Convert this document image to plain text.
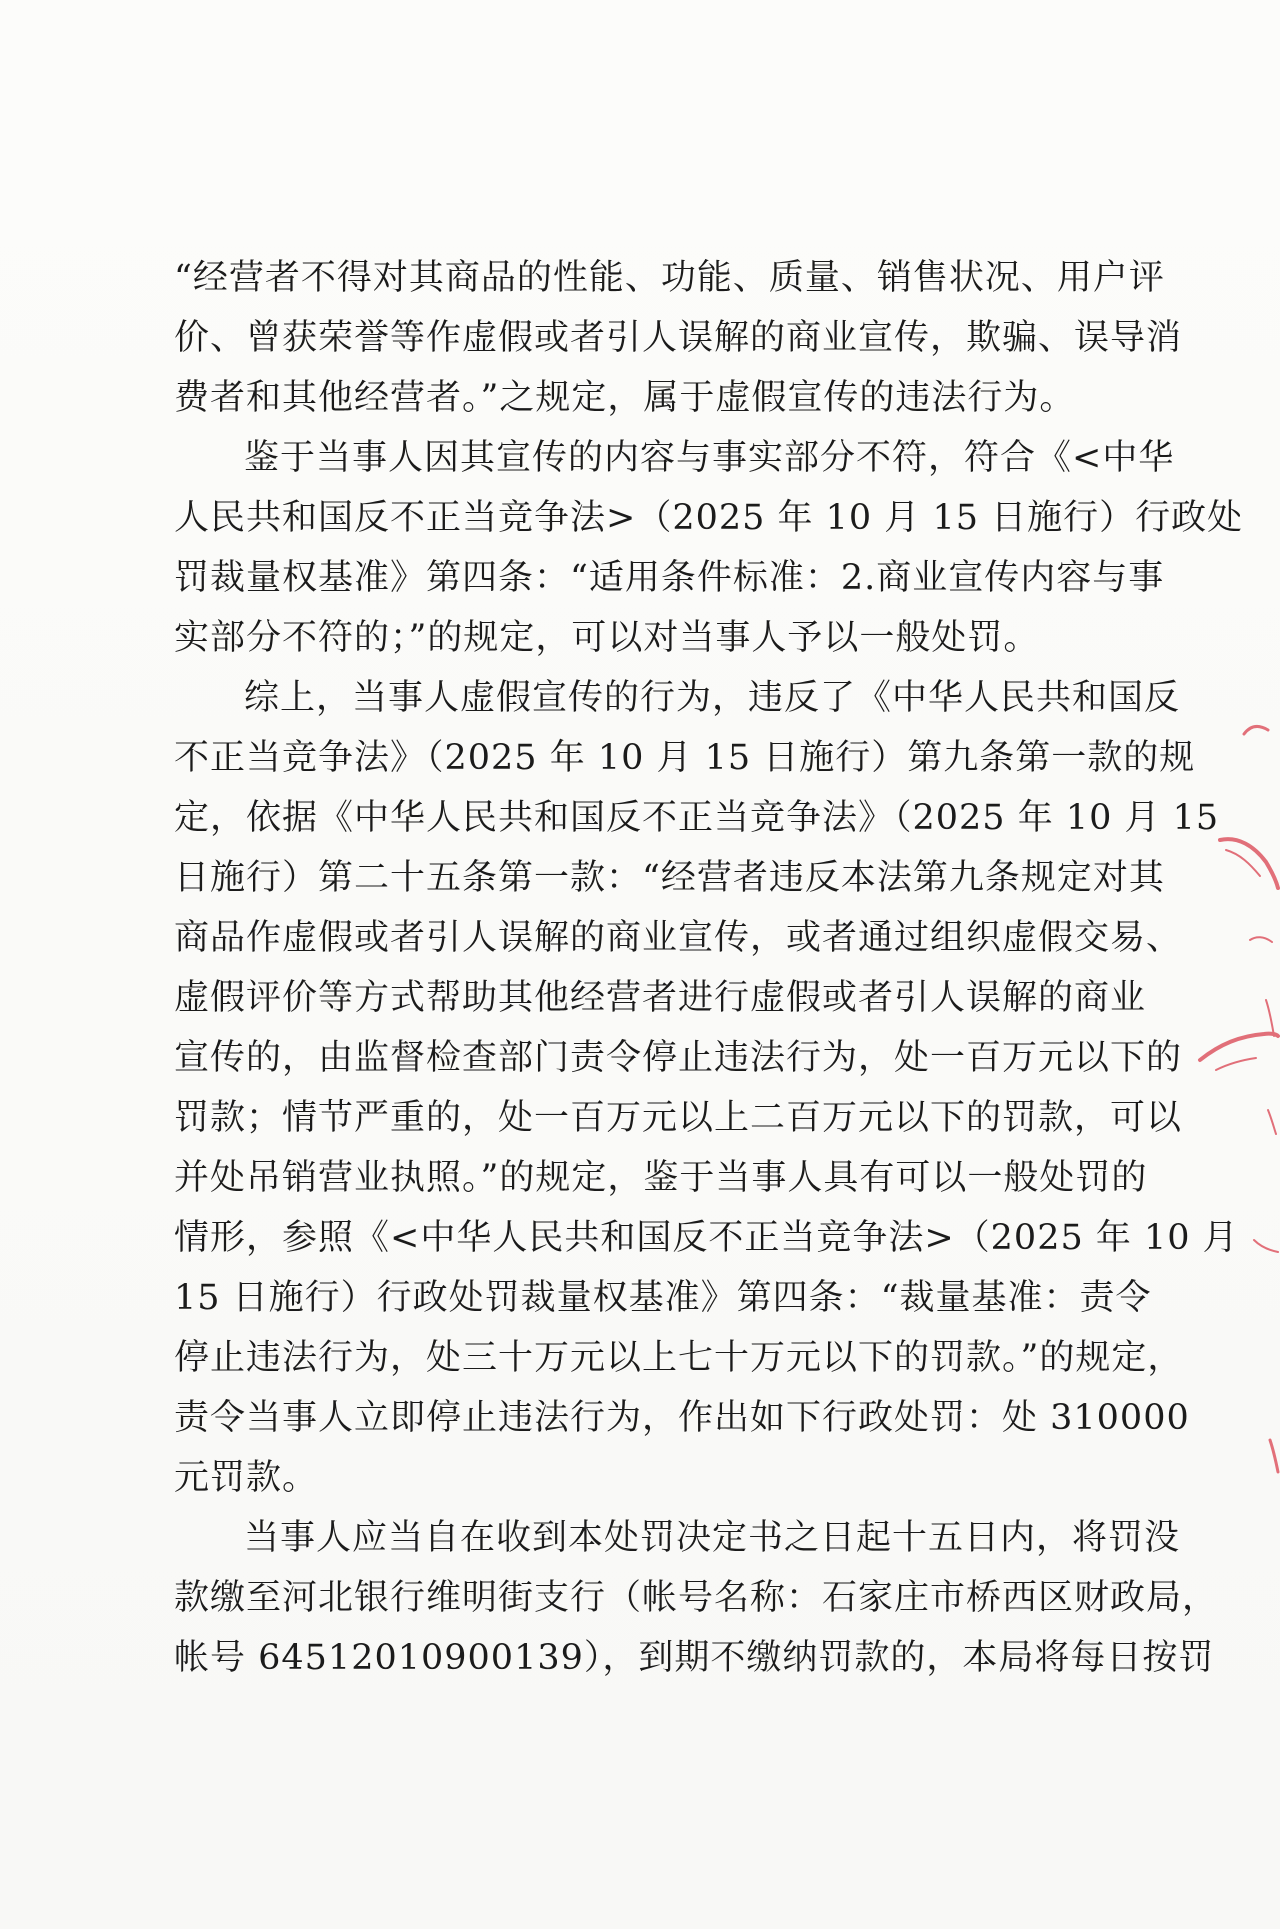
“经营者不得对其商品的性能、功能、质量、销售状况、用户评
价、曾获荣誉等作虚假或者引人误解的商业宣传，欺骗、误导消
费者和其他经营者。”之规定，属于虚假宣传的违法行为。
鉴于当事人因其宣传的内容与事实部分不符，符合《<中华
人民共和国反不正当竞争法>（2025 年 10 月 15 日施行）行政处
罚裁量权基准》第四条：“适用条件标准：2.商业宣传内容与事
实部分不符的；”的规定，可以对当事人予以一般处罚。
综上，当事人虚假宣传的行为，违反了《中华人民共和国反
不正当竞争法》（2025 年 10 月 15 日施行）第九条第一款的规
定，依据《中华人民共和国反不正当竞争法》（2025 年 10 月 15
日施行）第二十五条第一款：“经营者违反本法第九条规定对其
商品作虚假或者引人误解的商业宣传，或者通过组织虚假交易、
虚假评价等方式帮助其他经营者进行虚假或者引人误解的商业
宣传的，由监督检查部门责令停止违法行为，处一百万元以下的
罚款；情节严重的，处一百万元以上二百万元以下的罚款，可以
并处吊销营业执照。”的规定，鉴于当事人具有可以一般处罚的
情形，参照《<中华人民共和国反不正当竞争法>（2025 年 10 月
15 日施行）行政处罚裁量权基准》第四条：“裁量基准：责令
停止违法行为，处三十万元以上七十万元以下的罚款。”的规定，
责令当事人立即停止违法行为，作出如下行政处罚：处 310000
元罚款。
当事人应当自在收到本处罚决定书之日起十五日内，将罚没
款缴至河北银行维明街支行（帐号名称：石家庄市桥西区财政局，
帐号 64512010900139），到期不缴纳罚款的，本局将每日按罚
